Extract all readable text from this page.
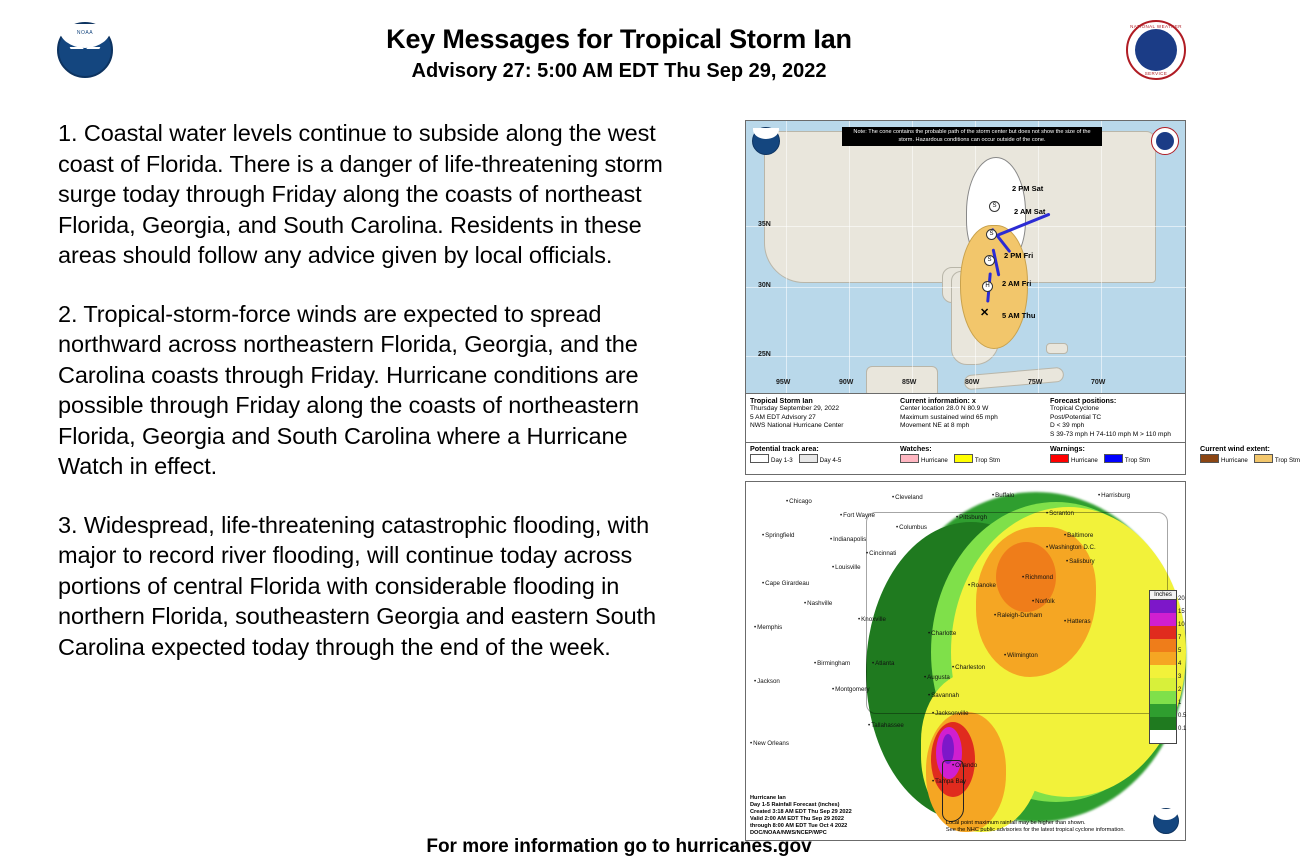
NOAA	Key Messages for Tropical Storm Ian
Advisory 27: 5:00 AM EDT Thu Sep 29, 2022
NATIONAL WEATHER
SERVICE

1. Coastal water levels continue to subside along the west coast of Florida. There is a danger of life-threatening storm surge today through Friday along the coasts of northeast Florida, Georgia, and South Carolina. Residents in these areas should follow any advice given by local officials.

2. Tropical-storm-force winds are expected to spread northward across northeastern Florida, Georgia, and the Carolina coasts through Friday. Hurricane conditions are possible through Friday along the coasts of northeastern Florida, Georgia and South Carolina where a Hurricane Watch in effect.

3. Widespread, life-threatening catastrophic flooding, with major to record river flooding, will continue today across portions of central Florida with considerable flooding in northern Florida, southeastern Georgia and eastern South Carolina expected today through the end of the week.

✕
H
S
S
S
5 AM Thu
2 AM Fri
2 PM Fri
2 AM Sat
2 PM Sat
35N
30N
25N
95W	90W	85W	80W	75W	70W
Note: The cone contains the probable path of the storm center but does not show the size of the storm. Hazardous conditions can occur outside of the cone.
Tropical Storm Ian
Thursday September 29, 2022
5 AM EDT Advisory 27
NWS National Hurricane Center
Current information: x
Center location 28.0 N 80.9 W
Maximum sustained wind 65 mph
Movement NE at 8 mph
Forecast positions:
Tropical Cyclone
Post/Potential TC
D < 39 mph
S 39-73 mph H 74-110 mph M > 110 mph
Potential track area:
Day 1-3	Day 4-5
Watches:
Hurricane	Trop Stm
Warnings:
Hurricane	Trop Stm
Current wind extent:
Hurricane	Trop Stm
• Chicago
• Cleveland	• Buffalo	• Harrisburg
• Fort Wayne
• Columbus
• Pittsburgh
• Scranton
• Springfield
• Indianapolis
• Cincinnati
• Washington D.C.
• Baltimore
• Salisbury
• Louisville
• Richmond
• Cape Girardeau	• Roanoke
• Norfolk
• Nashville
• Raleigh-Durham
• Hatteras
• Memphis
• Knoxville
• Charlotte
• Wilmington
• Birmingham	• Atlanta
• Charleston
• Augusta
• Jackson
• Montgomery
• Savannah
• Jacksonville
• Tallahassee
• New Orleans
• Tampa Bay
• Orlando
Inches
20
15
10
7
5
4
3
2
1
0.5
0.1
Hurricane Ian
Day 1-5 Rainfall Forecast (inches)
Created 3:18 AM EDT Thu Sep 29 2022
Valid 2:00 AM EDT Thu Sep 29 2022
through 8:00 AM EDT Tue Oct 4 2022
DOC/NOAA/NWS/NCEP/WPC
Local point maximum rainfall may be higher than shown.
See the NHC public advisories for the latest tropical cyclone information.
For more information go to hurricanes.gov
